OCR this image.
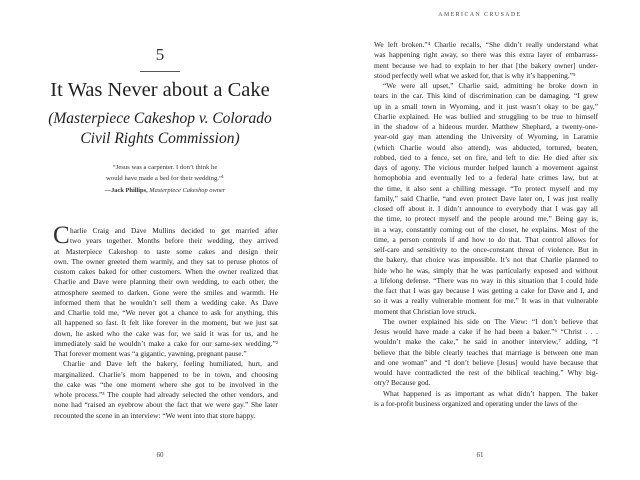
5
It Was Never about a Cake
(Masterpiece Cakeshop v. Colorado
Civil Rights Commission)
“Jesus was a carpenter. I don’t think he
would have made a bed for their wedding.”¹
—Jack Phillips, Masterpiece Cakeshop owner
harlie Craig and Dave Mullins decided to get married after
two years together. Months before their wedding, they arrived
at Masterpiece Cakeshop to taste some cakes and design their
own. The owner greeted them warmly, and they sat to peruse photos of
custom cakes baked for other customers. When the owner realized that
Charlie and Dave were planning their own wedding, to each other, the
atmosphere seemed to darken. Gone were the smiles and warmth. He
informed them that he wouldn’t sell them a wedding cake. As Dave
and Charlie told me, “We never got a chance to ask for anything, this
all happened so fast. It felt like forever in the moment, but we just sat
down, he asked who the cake was for, we said it was for us, and he
immediately said he wouldn’t make a cake for our same-sex wedding.”²
That forever moment was “a gigantic, yawning, pregnant pause.”
Charlie and Dave left the bakery, feeling humiliated, hurt, and
marginalized. Charlie’s mom happened to be in town, and choosing
the cake was “the one moment where she got to be involved in the
whole process.”³ The couple had already selected the other vendors, and
none had “raised an eyebrow about the fact that we were gay.” She later
recounted the scene in an interview: “We went into that store happy.
C
60
AMERICAN CRUSADE
We left broken.”⁴ Charlie recalls, “She didn’t really understand what
was happening right away, so there was this extra layer of embarrass-
ment because we had to explain to her that [the bakery owner] under-
stood perfectly well what we asked for, that is why it’s happening.”⁵
“We were all upset,” Charlie said, admitting he broke down in
tears in the car. This kind of discrimination can be damaging. “I grew
up in a small town in Wyoming, and it just wasn’t okay to be gay,”
Charlie explained. He was bullied and struggling to be true to himself
in the shadow of a hideous murder. Matthew Shephard, a twenty-one-
year-old gay man attending the University of Wyoming, in Laramie
(which Charlie would also attend), was abducted, tortured, beaten,
robbed, tied to a fence, set on fire, and left to die. He died after six
days of agony. The vicious murder helped launch a movement against
homophobia and eventually led to a federal hate crimes law, but at
the time, it also sent a chilling message. “To protect myself and my
family,” said Charlie, “and even protect Dave later on, I was just really
closed off about it. I didn’t announce to everybody that I was gay all
the time, to protect myself and the people around me.” Being gay is,
in a way, constantly coming out of the closet, he explains. Most of the
time, a person controls if and how to do that. That control allows for
self-care and sensitivity to the once-constant threat of violence. But in
the bakery, that choice was impossible. It’s not that Charlie planned to
hide who he was, simply that he was particularly exposed and without
a lifelong defense. “There was no way in this situation that I could hide
the fact that I was gay because I was getting a cake for Dave and I, and
so it was a really vulnerable moment for me.” It was in that vulnerable
moment that Christian love struck.
The owner explained his side on The View: “I don’t believe that
Jesus would have made a cake if he had been a baker.”⁶ “Christ . . .
wouldn’t make the cake,” he said in another interview,⁷ adding, “I
believe that the bible clearly teaches that marriage is between one man
and one woman” and “I don’t believe [Jesus] would have because that
would have contradicted the rest of the biblical teaching.” Why big-
otry? Because god.
What happened is as important as what didn’t happen. The baker
is a for-profit business organized and operating under the laws of the
61
